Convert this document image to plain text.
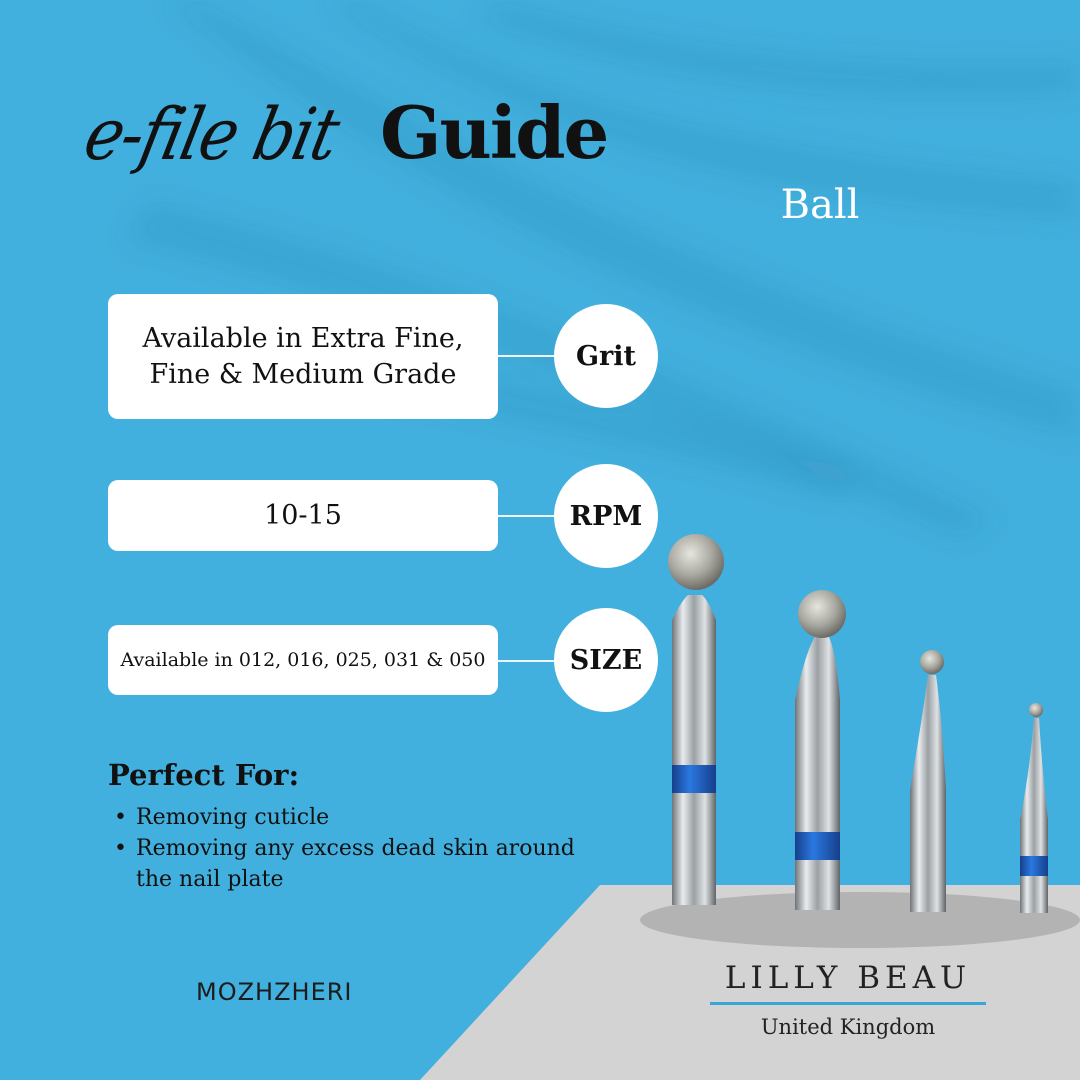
e-file bit Guide
Ball
Available in Extra Fine,
Fine & Medium Grade
Grit
10-15	RPM
Available in 012, 016, 025, 031 & 050	SIZE
Perfect For:
• Removing cuticle
• Removing any excess dead skin around the nail plate
MOZHZHERI	LILLY BEAU
United Kingdom
